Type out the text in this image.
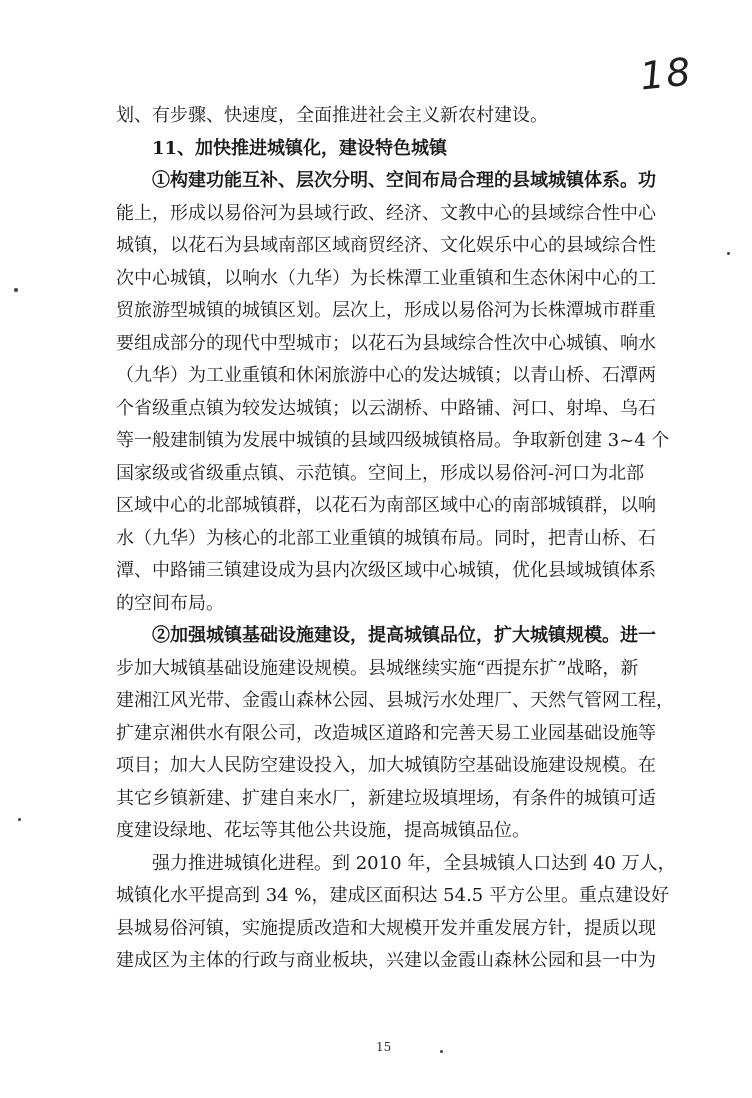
18
划、有步骤、快速度，全面推进社会主义新农村建设。
11、加快推进城镇化，建设特色城镇
①构建功能互补、层次分明、空间布局合理的县域城镇体系。功
能上，形成以易俗河为县域行政、经济、文教中心的县域综合性中心
城镇，以花石为县域南部区域商贸经济、文化娱乐中心的县域综合性
次中心城镇，以响水（九华）为长株潭工业重镇和生态休闲中心的工
贸旅游型城镇的城镇区划。层次上，形成以易俗河为长株潭城市群重
要组成部分的现代中型城市；以花石为县域综合性次中心城镇、响水
（九华）为工业重镇和休闲旅游中心的发达城镇；以青山桥、石潭两
个省级重点镇为较发达城镇；以云湖桥、中路铺、河口、射埠、乌石
等一般建制镇为发展中城镇的县域四级城镇格局。争取新创建 3~4 个
国家级或省级重点镇、示范镇。空间上，形成以易俗河-河口为北部
区域中心的北部城镇群，以花石为南部区域中心的南部城镇群，以响
水（九华）为核心的北部工业重镇的城镇布局。同时，把青山桥、石
潭、中路铺三镇建设成为县内次级区域中心城镇，优化县域城镇体系
的空间布局。
②加强城镇基础设施建设，提高城镇品位，扩大城镇规模。进一
步加大城镇基础设施建设规模。县城继续实施“西提东扩”战略，新
建湘江风光带、金霞山森林公园、县城污水处理厂、天然气管网工程，
扩建京湘供水有限公司，改造城区道路和完善天易工业园基础设施等
项目；加大人民防空建设投入，加大城镇防空基础设施建设规模。在
其它乡镇新建、扩建自来水厂，新建垃圾填埋场，有条件的城镇可适
度建设绿地、花坛等其他公共设施，提高城镇品位。
强力推进城镇化进程。到 2010 年，全县城镇人口达到 40 万人，
城镇化水平提高到 34 %，建成区面积达 54.5 平方公里。重点建设好
县城易俗河镇，实施提质改造和大规模开发并重发展方针，提质以现
建成区为主体的行政与商业板块，兴建以金霞山森林公园和县一中为
15
